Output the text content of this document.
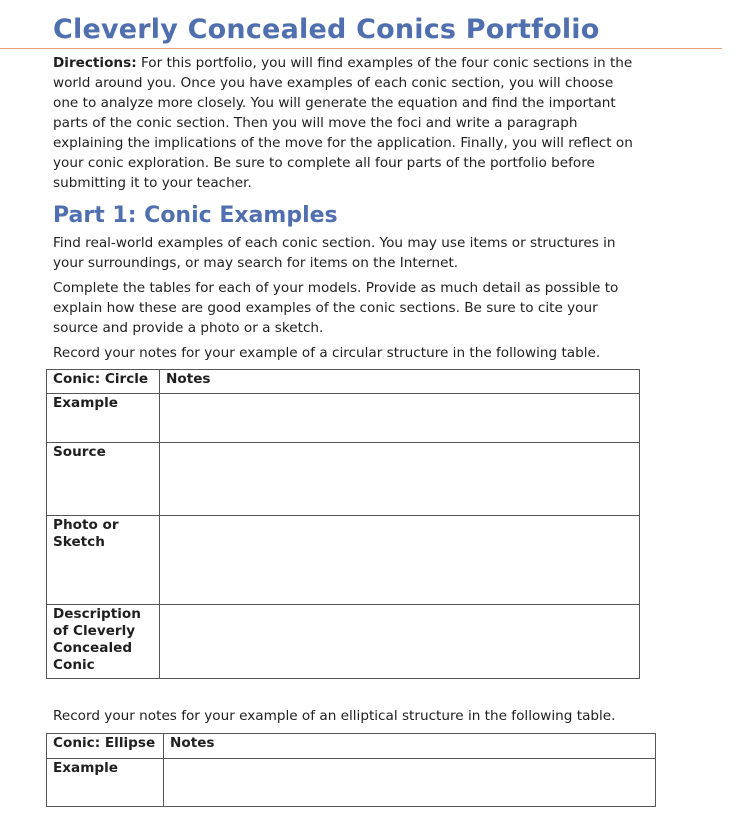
Cleverly Concealed Conics Portfolio

Directions: For this portfolio, you will find examples of the four conic sections in the world around you. Once you have examples of each conic section, you will choose one to analyze more closely. You will generate the equation and find the important parts of the conic section. Then you will move the foci and write a paragraph explaining the implications of the move for the application. Finally, you will reflect on your conic exploration. Be sure to complete all four parts of the portfolio before submitting it to your teacher.

Part 1: Conic Examples

Find real-world examples of each conic section. You may use items or structures in your surroundings, or may search for items on the Internet.

Complete the tables for each of your models. Provide as much detail as possible to explain how these are good examples of the conic sections. Be sure to cite your source and provide a photo or a sketch.

Record your notes for your example of a circular structure in the following table.

Conic: Circle	Notes
Example	
Source	
Photo or Sketch	
Description of Cleverly Concealed Conic	

Record your notes for your example of an elliptical structure in the following table.

Conic: Ellipse	Notes
Example	
